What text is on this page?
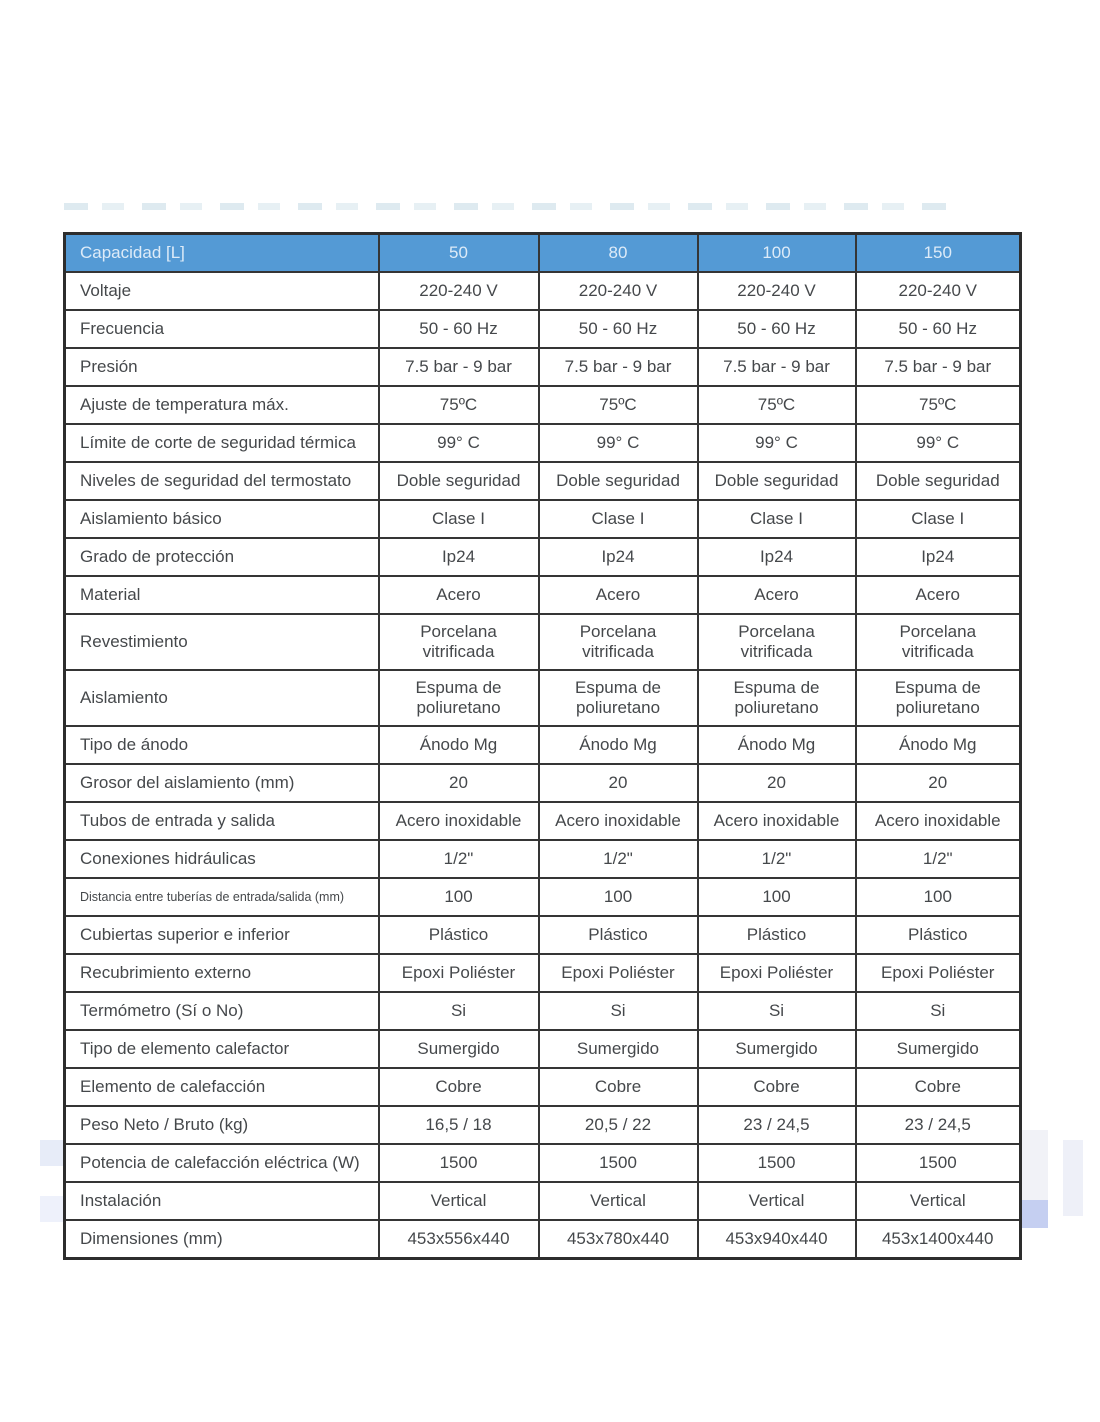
Capacidad [L]	50	80	100	150
Voltaje	220-240 V	220-240 V	220-240 V	220-240 V
Frecuencia	50 - 60 Hz	50 - 60 Hz	50 - 60 Hz	50 - 60 Hz
Presión	7.5 bar - 9 bar	7.5 bar - 9 bar	7.5 bar - 9 bar	7.5 bar - 9 bar
Ajuste de temperatura máx.	75ºC	75ºC	75ºC	75ºC
Límite de corte de seguridad térmica	99° C	99° C	99° C	99° C
Niveles de seguridad del termostato	Doble seguridad	Doble seguridad	Doble seguridad	Doble seguridad
Aislamiento básico	Clase I	Clase I	Clase I	Clase I
Grado de protección	Ip24	Ip24	Ip24	Ip24
Material	Acero	Acero	Acero	Acero
Revestimiento	Porcelana vitrificada	Porcelana vitrificada	Porcelana vitrificada	Porcelana vitrificada
Aislamiento	Espuma de poliuretano	Espuma de poliuretano	Espuma de poliuretano	Espuma de poliuretano
Tipo de ánodo	Ánodo Mg	Ánodo Mg	Ánodo Mg	Ánodo Mg
Grosor del aislamiento (mm)	20	20	20	20
Tubos de entrada y salida	Acero inoxidable	Acero inoxidable	Acero inoxidable	Acero inoxidable
Conexiones hidráulicas	1/2"	1/2"	1/2"	1/2"
Distancia entre tuberías de entrada/salida (mm)	100	100	100	100
Cubiertas superior e inferior	Plástico	Plástico	Plástico	Plástico
Recubrimiento externo	Epoxi Poliéster	Epoxi Poliéster	Epoxi Poliéster	Epoxi Poliéster
Termómetro (Sí o No)	Si	Si	Si	Si
Tipo de elemento calefactor	Sumergido	Sumergido	Sumergido	Sumergido
Elemento de calefacción	Cobre	Cobre	Cobre	Cobre
Peso Neto / Bruto (kg)	16,5 / 18	20,5 / 22	23 / 24,5	23 / 24,5
Potencia de calefacción eléctrica (W)	1500	1500	1500	1500
Instalación	Vertical	Vertical	Vertical	Vertical
Dimensiones (mm)	453x556x440	453x780x440	453x940x440	453x1400x440
